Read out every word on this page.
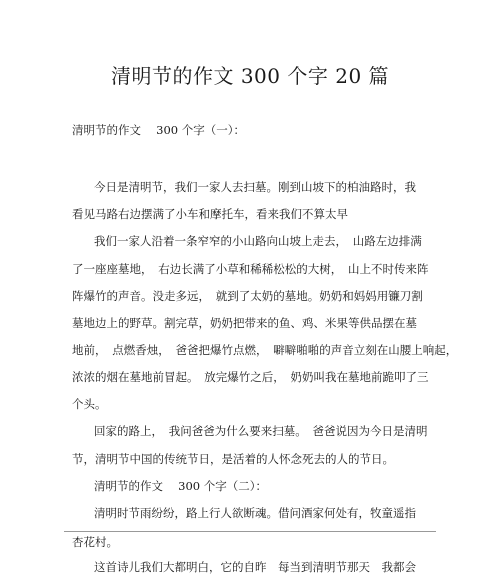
清明节的作文 300 个字 20 篇
清明节的作文　 300 个字（一）：
今日是清明节，我们一家人去扫墓。刚到山坡下的柏油路时，我
看见马路右边摆满了小车和摩托车，看来我们不算太早
我们一家人沿着一条窄窄的小山路向山坡上走去，　山路左边排满
了一座座墓地，　右边长满了小草和稀稀松松的大树，　山上不时传来阵
阵爆竹的声音。没走多远，　就到了太奶的墓地。奶奶和妈妈用镰刀割
墓地边上的野草。割完草，奶奶把带来的鱼、鸡、米果等供品摆在墓
地前，　点燃香烛，　爸爸把爆竹点燃，　噼噼啪啪的声音立刻在山腰上响起，
浓浓的烟在墓地前冒起。　放完爆竹之后，　奶奶叫我在墓地前跪叩了三
个头。
回家的路上，　我问爸爸为什么要来扫墓。　爸爸说因为今日是清明
节，清明节中国的传统节日，是活着的人怀念死去的人的节日。
清明节的作文　 300 个字（二）：
清明时节雨纷纷，路上行人欲断魂。借问酒家何处有，牧童遥指
杏花村。
这首诗儿我们大都明白，它的自昨　每当到清明节那天　我都会
